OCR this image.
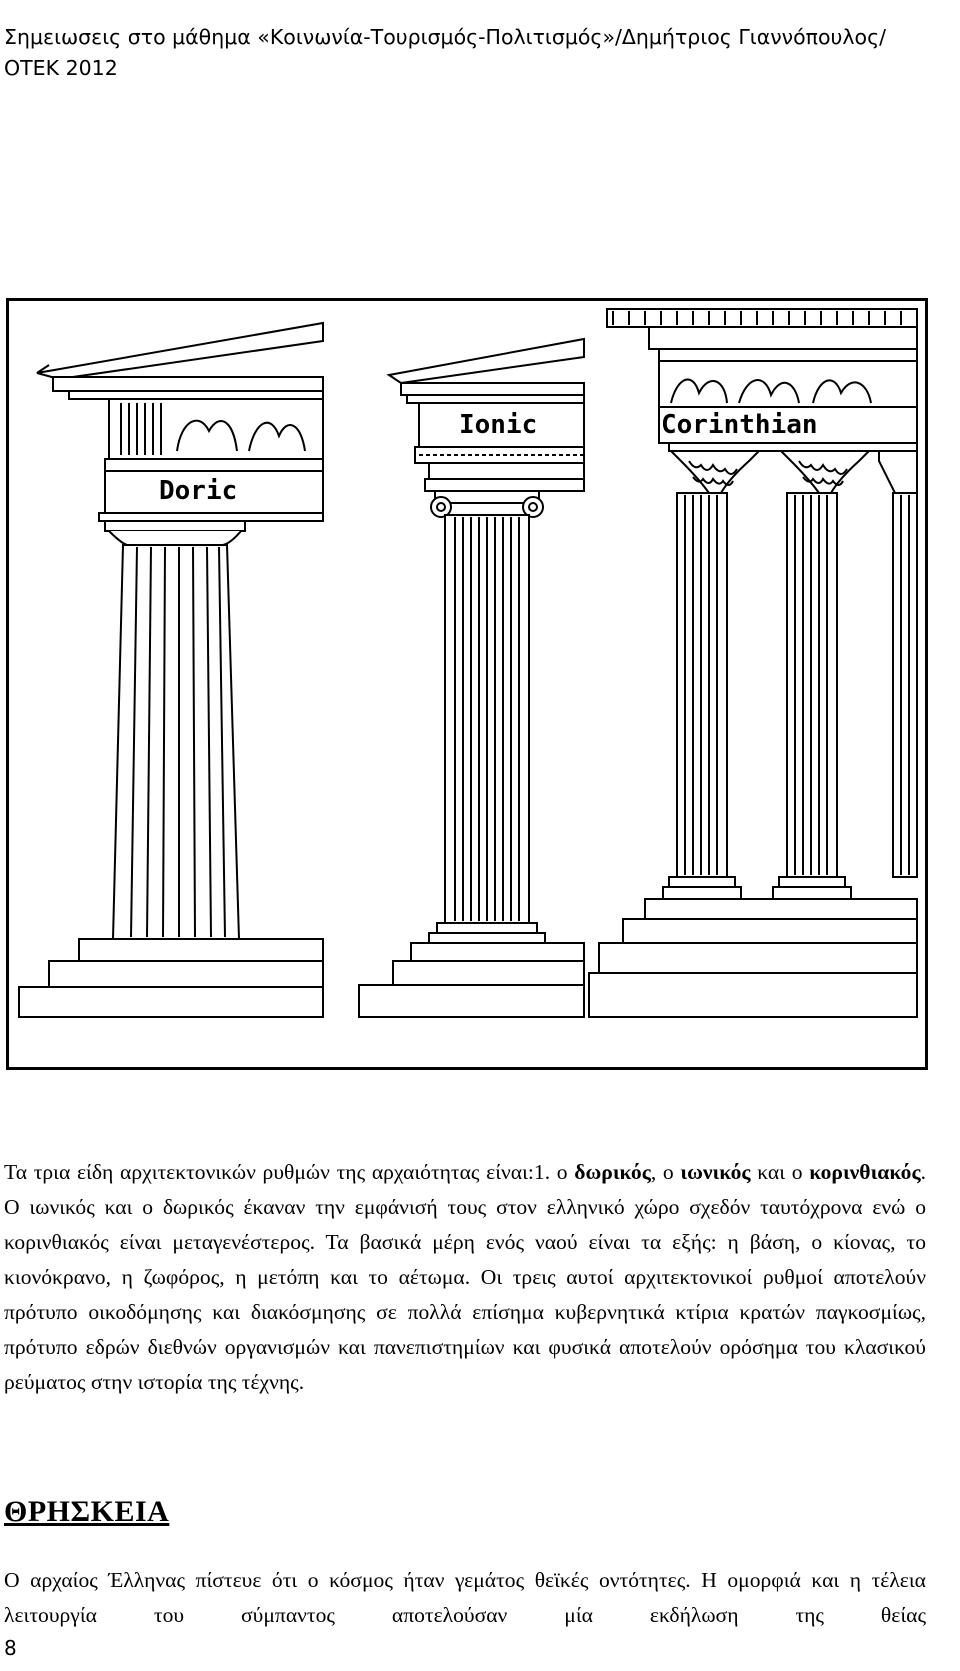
Σημειωσεις στο μάθημα «Κοινωνία-Τουρισμός-Πολιτισμός»/Δημήτριος Γιαννόπουλος/ΟΤΕΚ 2012
Doric
Ionic	Corinthian

Τα τρια είδη αρχιτεκτονικών ρυθμών της αρχαιότητας είναι:1. ο δωρικός, ο ιωνικός και ο κορινθιακός. Ο ιωνικός και ο δωρικός έκαναν την εμφάνισή τους στον ελληνικό χώρο σχεδόν ταυτόχρονα ενώ ο κορινθιακός είναι μεταγενέστερος. Τα βασικά μέρη ενός ναού είναι τα εξής: η βάση, ο κίονας, το κιονόκρανο, η ζωφόρος, η μετόπη και το αέτωμα. Οι τρεις αυτοί αρχιτεκτονικοί ρυθμοί αποτελούν πρότυπο οικοδόμησης και διακόσμησης σε πολλά επίσημα κυβερνητικά κτίρια κρατών παγκοσμίως, πρότυπο εδρών διεθνών οργανισμών και πανεπιστημίων και φυσικά αποτελούν ορόσημα του κλασικού ρεύματος στην ιστορία της τέχνης.

ΘΡΗΣΚΕΙΑ
Ο αρχαίος Έλληνας πίστευε ότι ο κόσμος ήταν γεμάτος θεϊκές οντότητες. Η ομορφιά και η τέλεια λειτουργία του σύμπαντος αποτελούσαν μία εκδήλωση της θείας
8
